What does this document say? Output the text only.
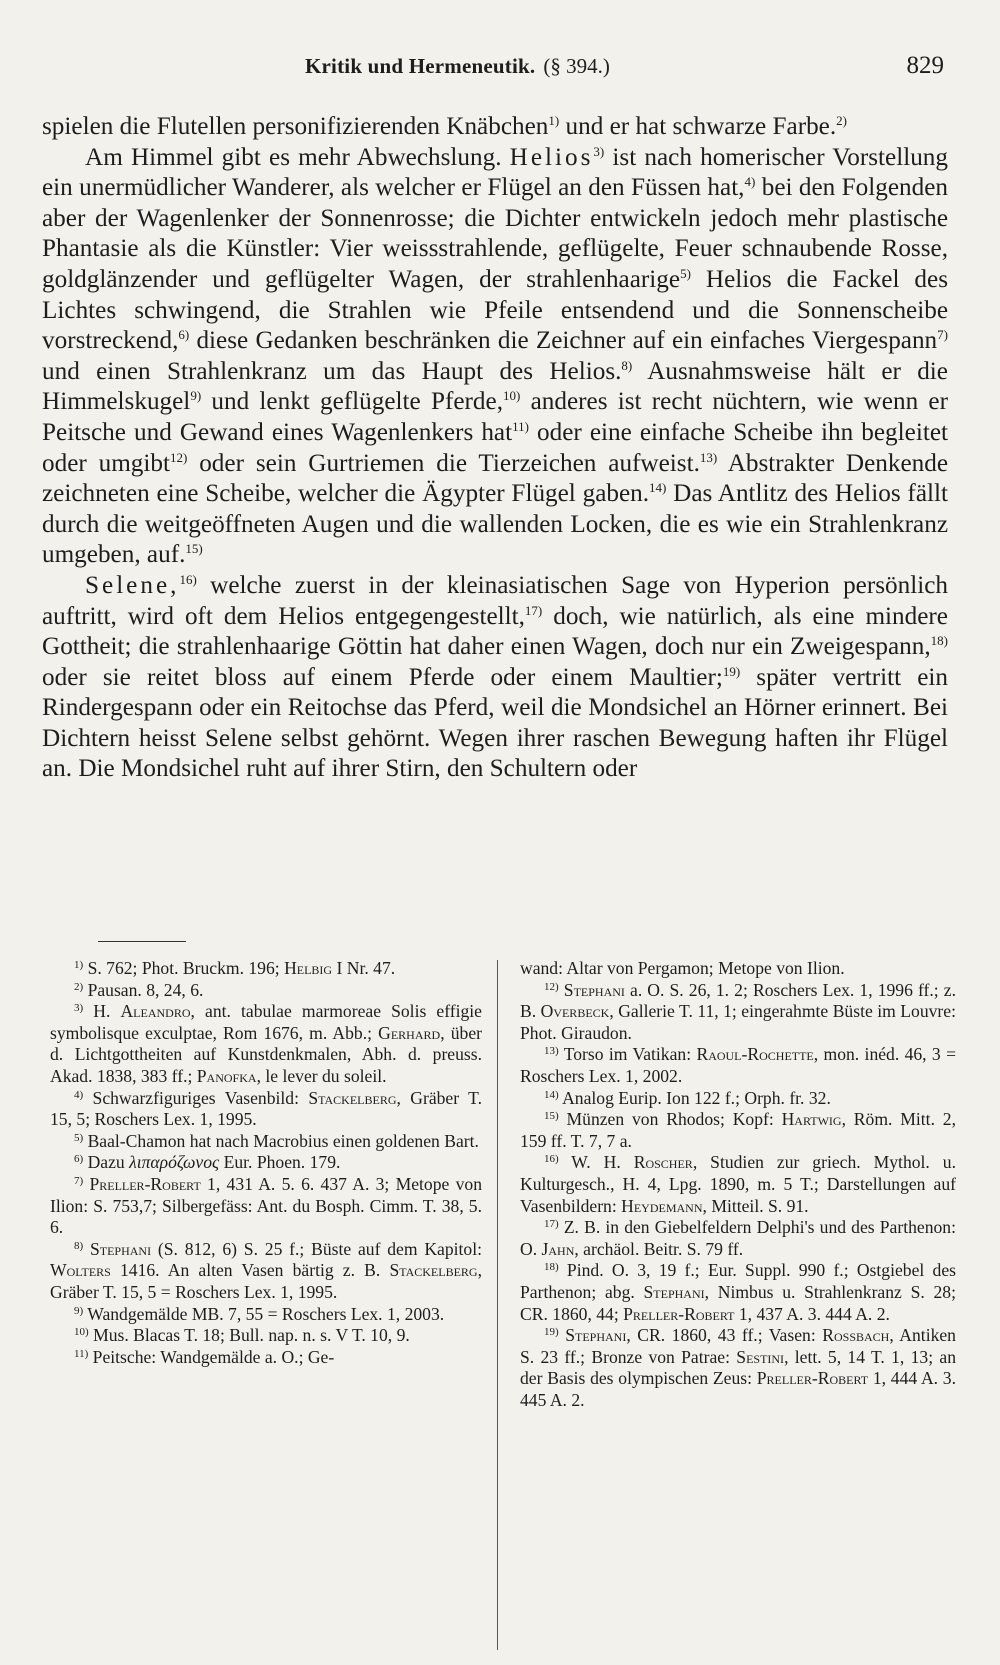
Kritik und Hermeneutik. (§ 394.)	829

spielen die Flutellen personifizierenden Knäbchen$^{1)}$ und er hat schwarze Farbe.$^{2)}$

Am Himmel gibt es mehr Abwechslung. Helios$^{3)}$ ist nach homerischer Vorstellung ein unermüdlicher Wanderer, als welcher er Flügel an den Füssen hat,$^{4)}$ bei den Folgenden aber der Wagenlenker der Sonnenrosse; die Dichter entwickeln jedoch mehr plastische Phantasie als die Künstler: Vier weissstrahlende, geflügelte, Feuer schnaubende Rosse, goldglänzender und geflügelter Wagen, der strahlenhaarige$^{5)}$ Helios die Fackel des Lichtes schwingend, die Strahlen wie Pfeile entsendend und die Sonnenscheibe vorstreckend,$^{6)}$ diese Gedanken beschränken die Zeichner auf ein einfaches Viergespann$^{7)}$ und einen Strahlenkranz um das Haupt des Helios.$^{8)}$ Ausnahmsweise hält er die Himmelskugel$^{9)}$ und lenkt geflügelte Pferde,$^{10)}$ anderes ist recht nüchtern, wie wenn er Peitsche und Gewand eines Wagenlenkers hat$^{11)}$ oder eine einfache Scheibe ihn begleitet oder umgibt$^{12)}$ oder sein Gurtriemen die Tierzeichen aufweist.$^{13)}$ Abstrakter Denkende zeichneten eine Scheibe, welcher die Ägypter Flügel gaben.$^{14)}$ Das Antlitz des Helios fällt durch die weitgeöffneten Augen und die wallenden Locken, die es wie ein Strahlenkranz umgeben, auf.$^{15)}$

Selene,$^{16)}$ welche zuerst in der kleinasiatischen Sage von Hyperion persönlich auftritt, wird oft dem Helios entgegengestellt,$^{17)}$ doch, wie natürlich, als eine mindere Gottheit; die strahlenhaarige Göttin hat daher einen Wagen, doch nur ein Zweigespann,$^{18)}$ oder sie reitet bloss auf einem Pferde oder einem Maultier;$^{19)}$ später vertritt ein Rindergespann oder ein Reitochse das Pferd, weil die Mondsichel an Hörner erinnert. Bei Dichtern heisst Selene selbst gehörnt. Wegen ihrer raschen Bewegung haften ihr Flügel an. Die Mondsichel ruht auf ihrer Stirn, den Schultern oder

$^{1)}$ S. 762; Phot. Bruckm. 196; Helbig I Nr. 47.

$^{2)}$ Pausan. 8, 24, 6.

$^{3)}$ H. Aleandro, ant. tabulae marmoreae Solis effigie symbolisque exculptae, Rom 1676, m. Abb.; Gerhard, über d. Lichtgottheiten auf Kunstdenkmalen, Abh. d. preuss. Akad. 1838, 383 ff.; Panofka, le lever du soleil.

$^{4)}$ Schwarzfiguriges Vasenbild: Stackelberg, Gräber T. 15, 5; Roschers Lex. 1, 1995.

$^{5)}$ Baal-Chamon hat nach Macrobius einen goldenen Bart.

$^{6)}$ Dazu λιπαρόζωνος Eur. Phoen. 179.

$^{7)}$ Preller-Robert 1, 431 A. 5. 6. 437 A. 3; Metope von Ilion: S. 753,7; Silbergefäss: Ant. du Bosph. Cimm. T. 38, 5. 6.

$^{8)}$ Stephani (S. 812, 6) S. 25 f.; Büste auf dem Kapitol: Wolters 1416. An alten Vasen bärtig z. B. Stackelberg, Gräber T. 15, 5 = Roschers Lex. 1, 1995.

$^{9)}$ Wandgemälde MB. 7, 55 = Roschers Lex. 1, 2003.

$^{10)}$ Mus. Blacas T. 18; Bull. nap. n. s. V T. 10, 9.

$^{11)}$ Peitsche: Wandgemälde a. O.; Ge-

wand: Altar von Pergamon; Metope von Ilion.

$^{12)}$ Stephani a. O. S. 26, 1. 2; Roschers Lex. 1, 1996 ff.; z. B. Overbeck, Gallerie T. 11, 1; eingerahmte Büste im Louvre: Phot. Giraudon.

$^{13)}$ Torso im Vatikan: Raoul-Rochette, mon. inéd. 46, 3 = Roschers Lex. 1, 2002.

$^{14)}$ Analog Eurip. Ion 122 f.; Orph. fr. 32.

$^{15)}$ Münzen von Rhodos; Kopf: Hartwig, Röm. Mitt. 2, 159 ff. T. 7, 7 a.

$^{16)}$ W. H. Roscher, Studien zur griech. Mythol. u. Kulturgesch., H. 4, Lpg. 1890, m. 5 T.; Darstellungen auf Vasenbildern: Heydemann, Mitteil. S. 91.

$^{17)}$ Z. B. in den Giebelfeldern Delphi's und des Parthenon: O. Jahn, archäol. Beitr. S. 79 ff.

$^{18)}$ Pind. O. 3, 19 f.; Eur. Suppl. 990 f.; Ostgiebel des Parthenon; abg. Stephani, Nimbus u. Strahlenkranz S. 28; CR. 1860, 44; Preller-Robert 1, 437 A. 3. 444 A. 2.

$^{19)}$ Stephani, CR. 1860, 43 ff.; Vasen: Rossbach, Antiken S. 23 ff.; Bronze von Patrae: Sestini, lett. 5, 14 T. 1, 13; an der Basis des olympischen Zeus: Preller-Robert 1, 444 A. 3. 445 A. 2.
